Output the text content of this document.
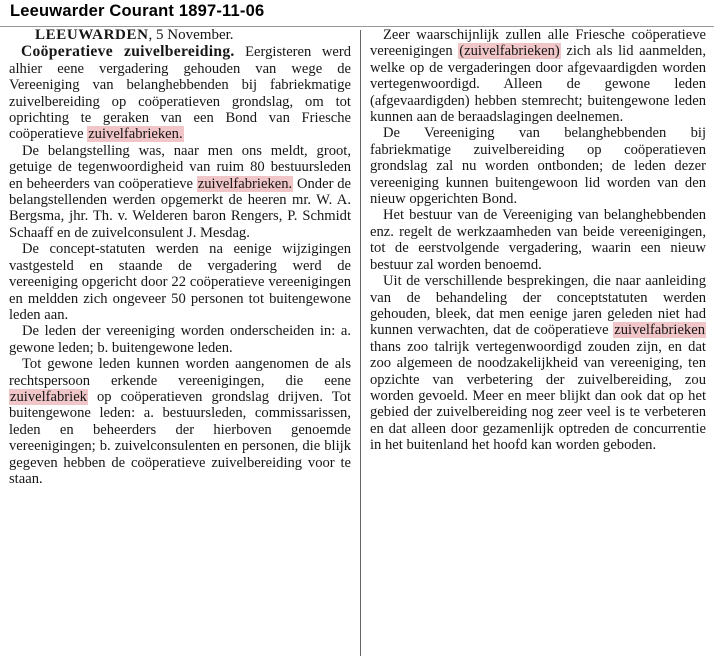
Leeuwarder Courant 1897-11-06

LEEUWARDEN, 5 November.

Coöperatieve zuivelbereiding. Eergisteren werd alhier eene vergadering gehouden van wege de Vereeniging van belanghebbenden bij fabriekmatige zuivelbereiding op coöperatieven grondslag, om tot oprichting te geraken van een Bond van Friesche coöperatieve zuivelfabrieken.

De belangstelling was, naar men ons meldt, groot, getuige de tegenwoordigheid van ruim 80 bestuursleden en beheerders van coöperatieve zuivelfabrieken. Onder de belangstellenden werden opgemerkt de heeren mr. W. A. Bergsma, jhr. Th. v. Welderen baron Rengers, P. Schmidt Schaaff en de zuivelconsulent J. Mesdag.

De concept-statuten werden na eenige wijzigingen vastgesteld en staande de vergadering werd de vereeniging opgericht door 22 coöperatieve vereenigingen en meldden zich ongeveer 50 personen tot buitengewone leden aan.

De leden der vereeniging worden onderscheiden in: a. gewone leden; b. buitengewone leden.

Tot gewone leden kunnen worden aangenomen de als rechtspersoon erkende vereenigingen, die eene zuivelfabriek op coöperatieven grondslag drijven. Tot buitengewone leden: a. bestuursleden, commissarissen, leden en beheerders der hierboven genoemde vereenigingen; b. zuivelconsulenten en personen, die blijk gegeven hebben de coöperatieve zuivelbereiding voor te staan.

Zeer waarschijnlijk zullen alle Friesche coöperatieve vereenigingen (zuivelfabrieken) zich als lid aanmelden, welke op de vergaderingen door afgevaardigden worden vertegenwoordigd. Alleen de gewone leden (afgevaardigden) hebben stemrecht; buitengewone leden kunnen aan de beraadslagingen deelnemen.

De Vereeniging van belanghebbenden bij fabriekmatige zuivelbereiding op coöperatieven grondslag zal nu worden ontbonden; de leden dezer vereeniging kunnen buitengewoon lid worden van den nieuw opgerichten Bond.

Het bestuur van de Vereeniging van belanghebbenden enz. regelt de werkzaamheden van beide vereenigingen, tot de eerstvolgende vergadering, waarin een nieuw bestuur zal worden benoemd.

Uit de verschillende besprekingen, die naar aanleiding van de behandeling der conceptstatuten werden gehouden, bleek, dat men eenige jaren geleden niet had kunnen verwachten, dat de coöperatieve zuivelfabrieken thans zoo talrijk vertegenwoordigd zouden zijn, en dat zoo algemeen de noodzakelijkheid van vereeniging, ten opzichte van verbetering der zuivelbereiding, zou worden gevoeld. Meer en meer blijkt dan ook dat op het gebied der zuivelbereiding nog zeer veel is te verbeteren en dat alleen door gezamenlijk optreden de concurrentie in het buitenland het hoofd kan worden geboden.
